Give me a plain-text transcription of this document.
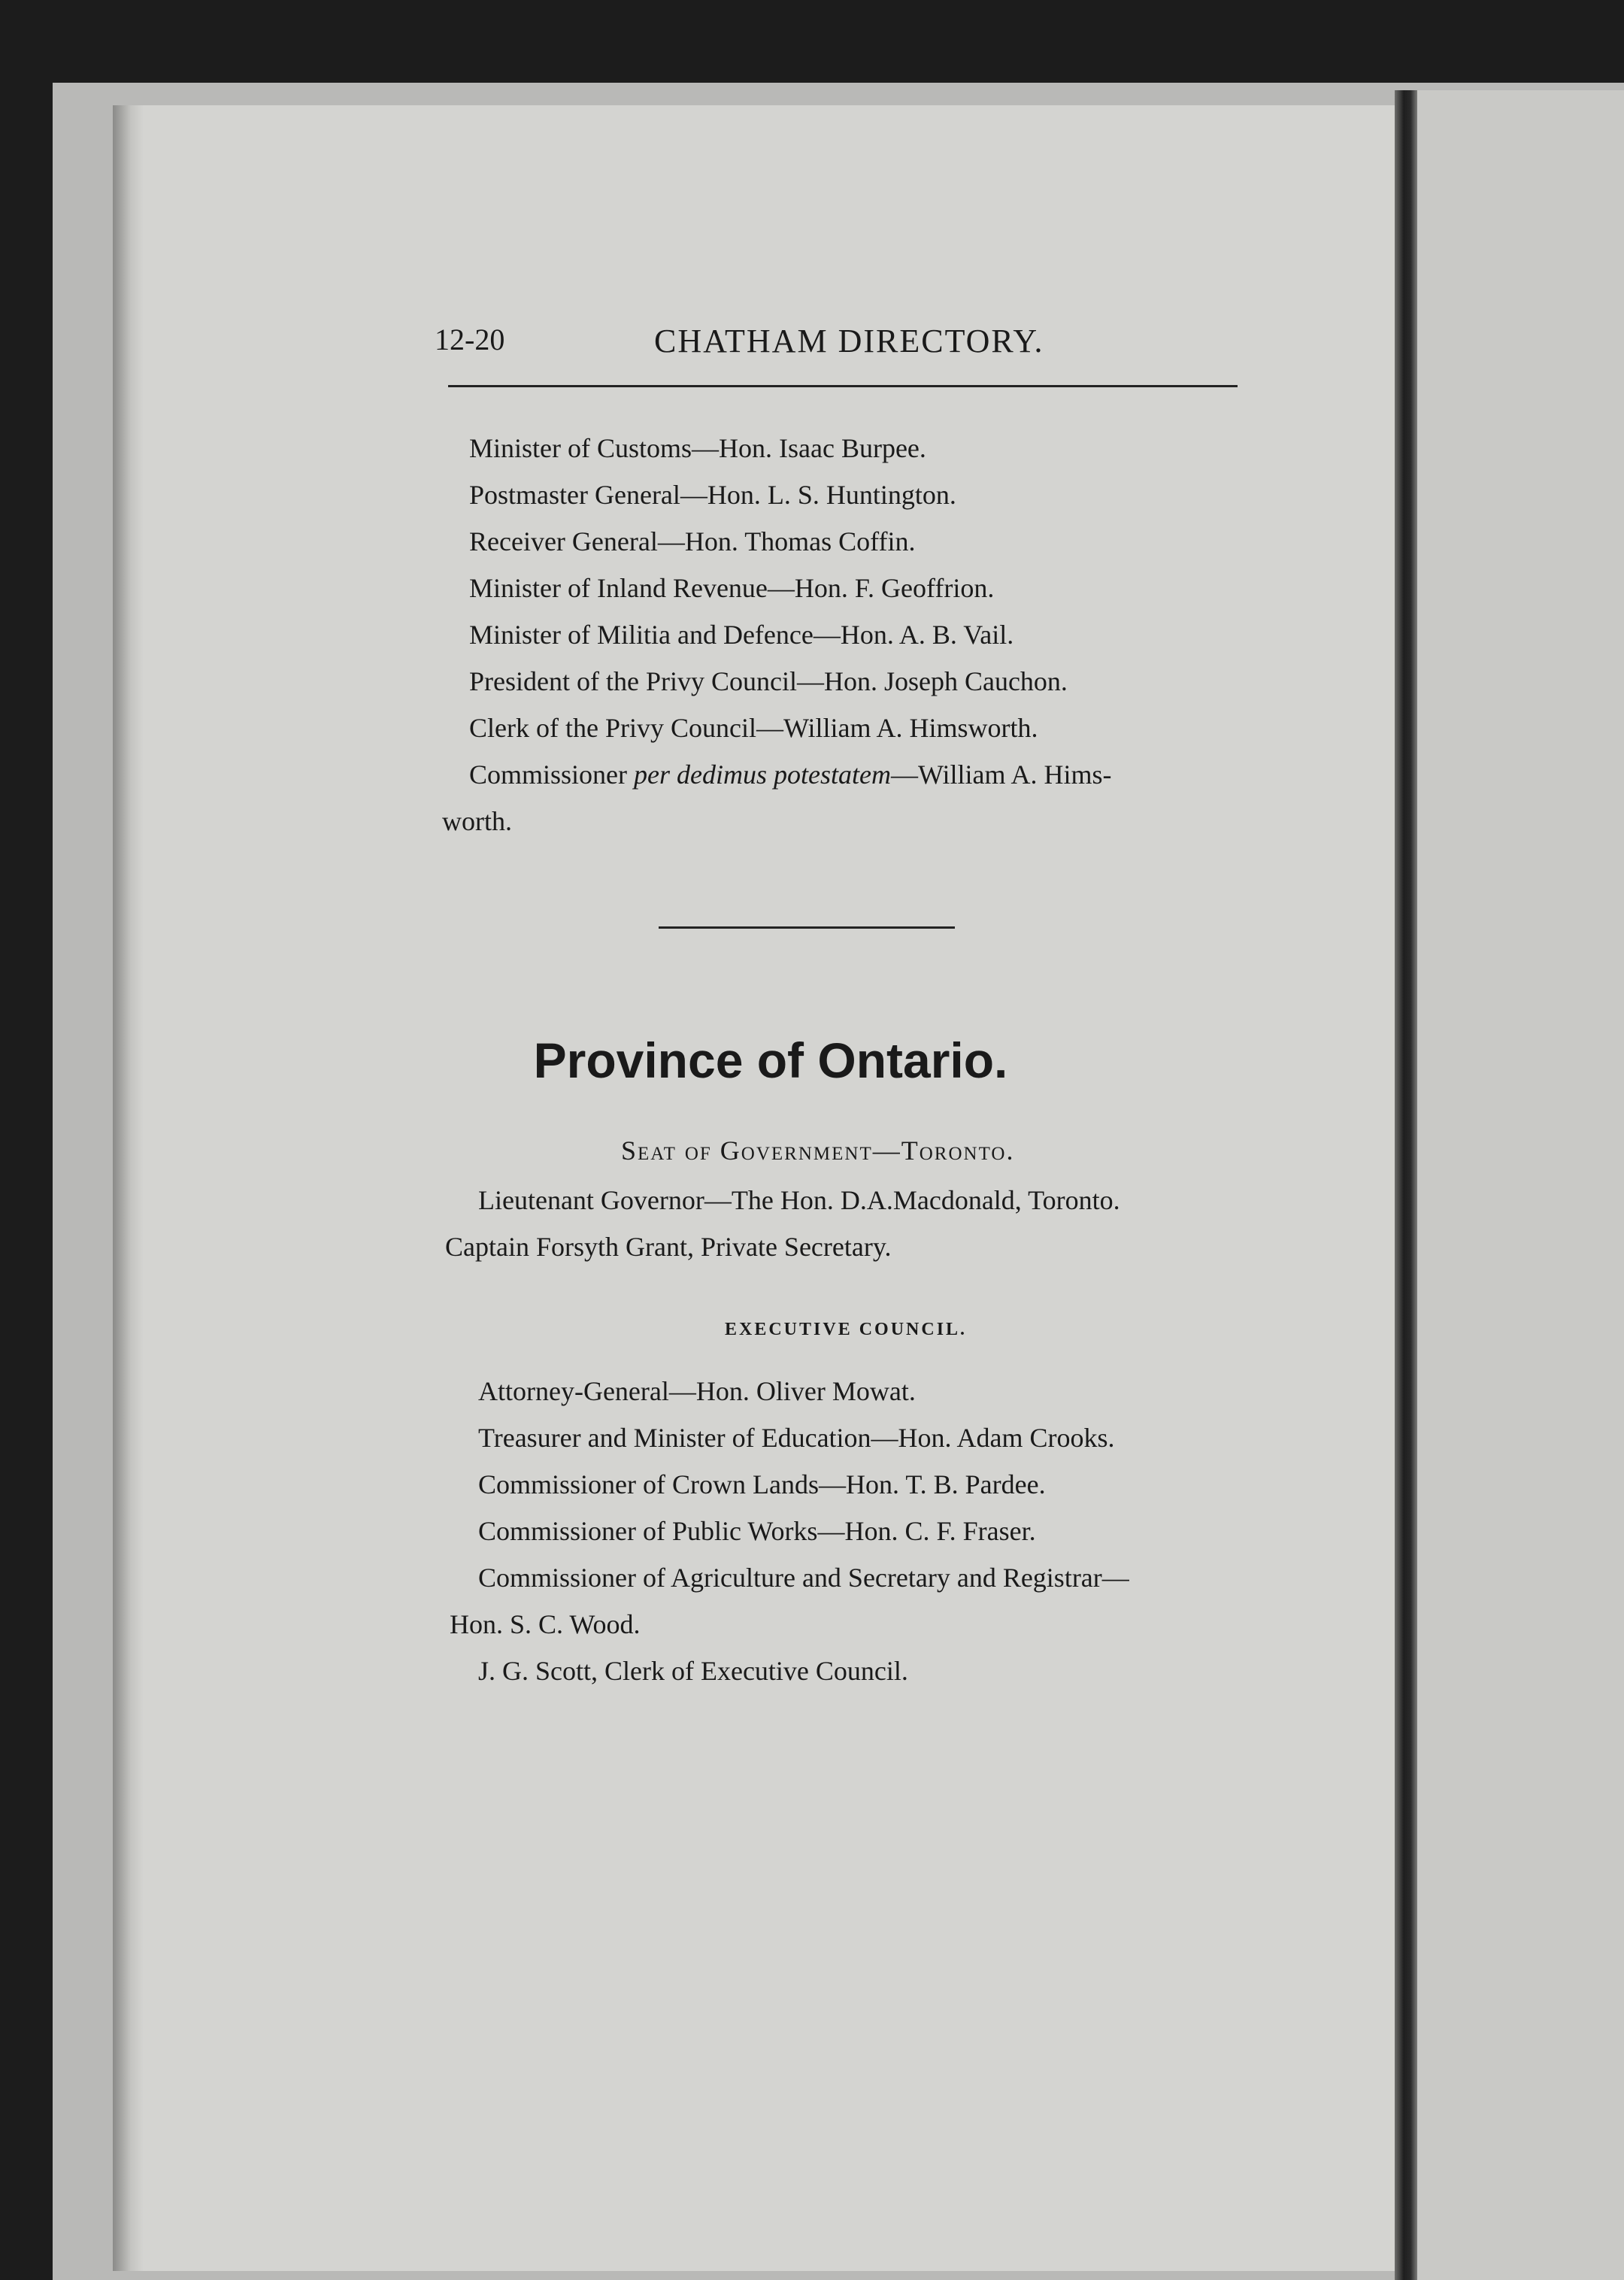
12-20	CHATHAM DIRECTORY.
Minister of Customs—Hon. Isaac Burpee.
Postmaster General—Hon. L. S. Huntington.
Receiver General—Hon. Thomas Coffin.
Minister of Inland Revenue—Hon. F. Geoffrion.
Minister of Militia and Defence—Hon. A. B. Vail.
President of the Privy Council—Hon. Joseph Cauchon.
Clerk of the Privy Council—William A. Himsworth.
Commissioner per dedimus potestatem—William A. Hims-
worth.
Province of Ontario.
Seat of Government—Toronto.
Lieutenant Governor—The Hon. D.A.Macdonald, Toronto.
Captain Forsyth Grant, Private Secretary.
EXECUTIVE COUNCIL.
Attorney-General—Hon. Oliver Mowat.
Treasurer and Minister of Education—Hon. Adam Crooks.
Commissioner of Crown Lands—Hon. T. B. Pardee.
Commissioner of Public Works—Hon. C. F. Fraser.
Commissioner of Agriculture and Secretary and Registrar—
Hon. S. C. Wood.
J. G. Scott, Clerk of Executive Council.
